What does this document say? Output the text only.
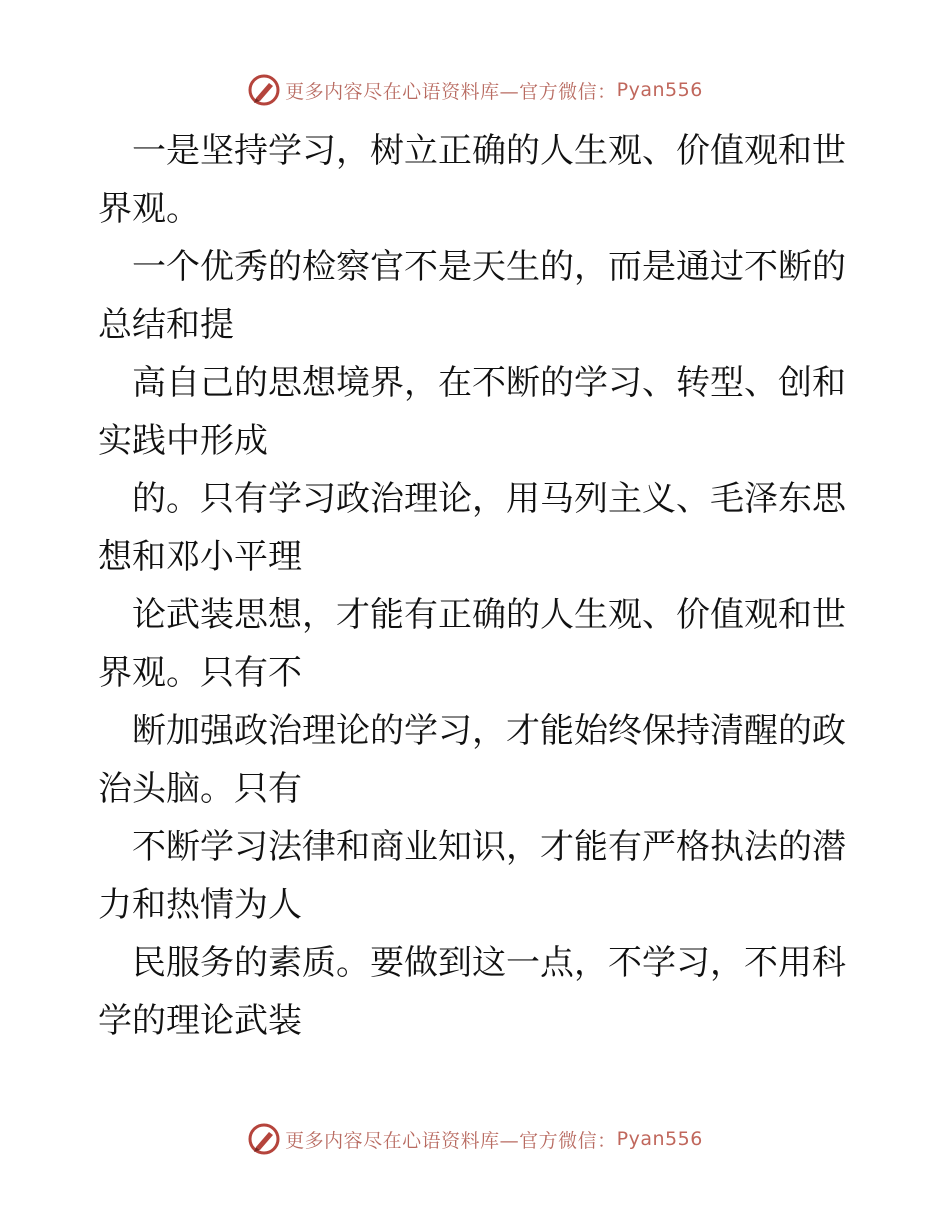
更多内容尽在心语资料库—官方微信： Pyan556

　一是坚持学习，树立正确的人生观、价值观和世

界观。

　一个优秀的检察官不是天生的，而是通过不断的

总结和提

　高自己的思想境界，在不断的学习、转型、创和

实践中形成

　的。只有学习政治理论，用马列主义、毛泽东思

想和邓小平理

　论武装思想，才能有正确的人生观、价值观和世

界观。只有不

　断加强政治理论的学习，才能始终保持清醒的政

治头脑。只有

　不断学习法律和商业知识，才能有严格执法的潜

力和热情为人

　民服务的素质。要做到这一点，不学习，不用科

学的理论武装

更多内容尽在心语资料库—官方微信： Pyan556
